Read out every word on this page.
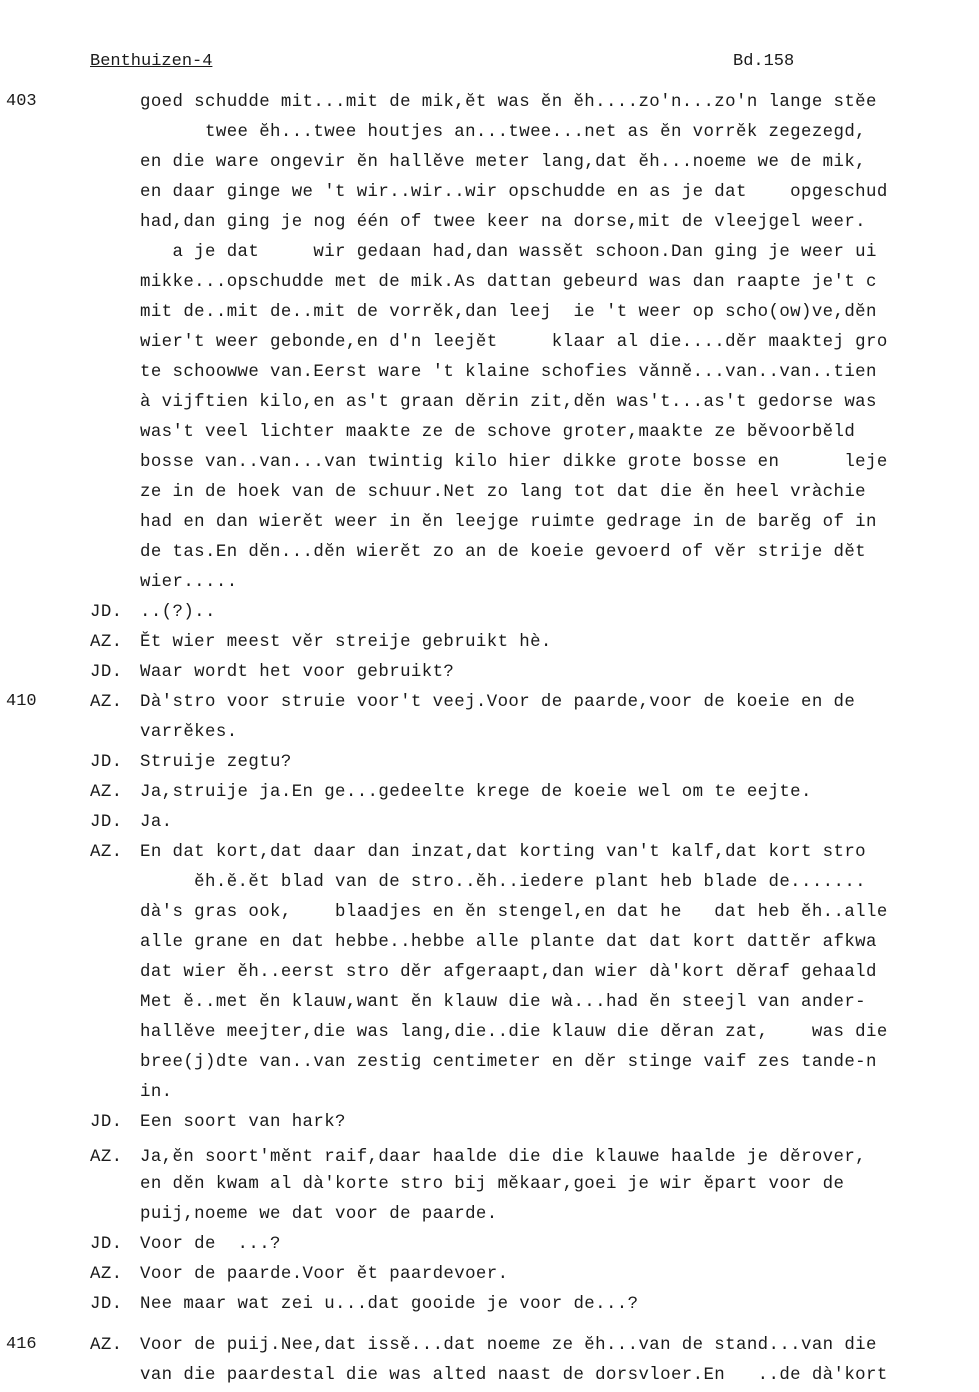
Benthuizen-4	Bd.158
goed schudde mit...mit de mik,ĕt was ĕn ĕh....zo'n...zo'n lange stĕe
403
twee ĕh...twee houtjes an...twee...net as ĕn vorrĕk zegezegd,
en die ware ongevir ĕn hallĕve meter lang,dat ĕh...noeme we de mik,
en daar ginge we 't wir..wir..wir opschudde en as je dat    opgeschud
had,dan ging je nog één of twee keer na dorse,mit de vleejgel weer.
a je dat     wir gedaan had,dan wassĕt schoon.Dan ging je weer ui
mikke...opschudde met de mik.As dattan gebeurd was dan raapte je't c
mit de..mit de..mit de vorrĕk,dan leej  ie 't weer op scho(ow)ve,dĕn
wier't weer gebonde,en d'n leejĕt     klaar al die....dĕr maaktej gro
te schoowwe van.Eerst ware 't klaine schofies vănnĕ...van..van..tien
à vijftien kilo,en as't graan dĕrin zit,dĕn was't...as't gedorse was
was't veel lichter maakte ze de schove groter,maakte ze bĕvoorbĕld
bosse van..van...van twintig kilo hier dikke grote bosse en      leje
ze in de hoek van de schuur.Net zo lang tot dat die ĕn heel vràchie
had en dan wierĕt weer in ĕn leejge ruimte gedrage in de barĕg of in
de tas.En dĕn...dĕn wierĕt zo an de koeie gevoerd of vĕr strije dĕt
wier.....
JD. ..(?)..
AZ. Ĕt wier meest vĕr streije gebruikt hè.
JD. Waar wordt het voor gebruikt?
AZ. Dà'stro voor struie voor't veej.Voor de paarde,voor de koeie en de
410
varrĕkes.
JD. Struije zegtu?
AZ. Ja,struije ja.En ge...gedeelte krege de koeie wel om te eejte.
JD. Ja.
AZ. En dat kort,dat daar dan inzat,dat korting van't kalf,dat kort stro
ĕh.ĕ.ĕt blad van de stro..ĕh..iedere plant heb blade de.......
dà's gras ook,    blaadjes en ĕn stengel,en dat he   dat heb ĕh..alle
alle grane en dat hebbe..hebbe alle plante dat dat kort dattĕr afkwa
dat wier ĕh..eerst stro dĕr afgeraapt,dan wier dà'kort dĕraf gehaald
Met ĕ..met ĕn klauw,want ĕn klauw die wà...had ĕn steejl van ander-
hallĕve meejter,die was lang,die..die klauw die dĕran zat,    was die
bree(j)dte van..van zestig centimeter en dĕr stinge vaif zes tande-n
in.
JD. Een soort van hark?
AZ. Ja,ĕn soort'mĕnt raif,daar haalde die die klauwe haalde je dĕrover,
en dĕn kwam al dà'korte stro bij mĕkaar,goei je wir ĕpart voor de
puij,noeme we dat voor de paarde.
JD. Voor de  ...?
AZ. Voor de paarde.Voor ĕt paardevoer.
JD. Nee maar wat zei u...dat gooide je voor de...?
AZ. Voor de puij.Nee,dat issĕ...dat noeme ze ĕh...van de stand...van die
416
van die paardestal die was alted naast de dorsvloer.En   ..de dà'kort
